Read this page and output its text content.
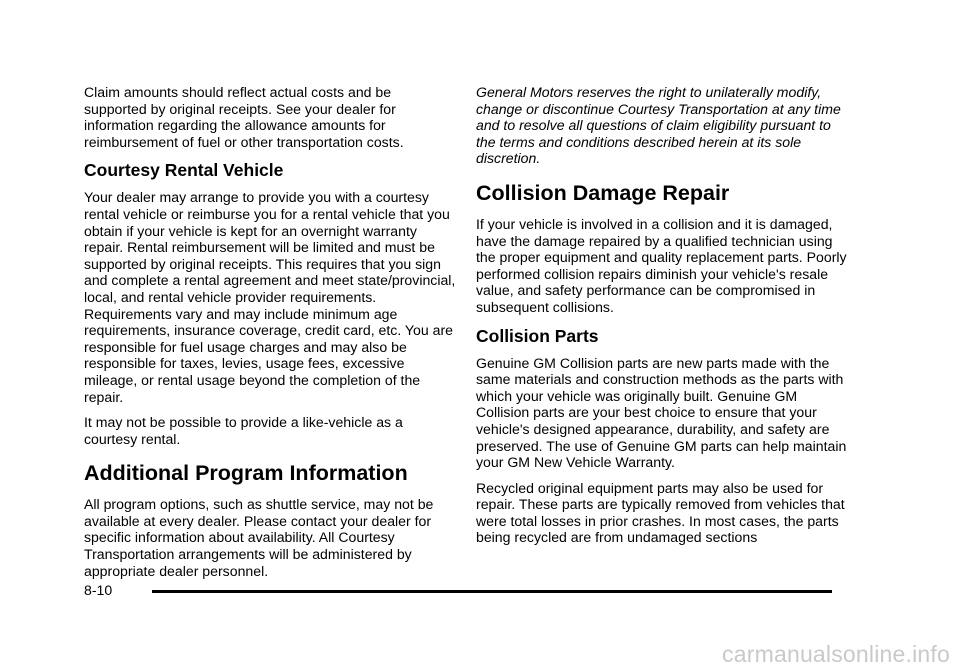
Claim amounts should reflect actual costs and be supported by original receipts. See your dealer for information regarding the allowance amounts for reimbursement of fuel or other transportation costs.

Courtesy Rental Vehicle

Your dealer may arrange to provide you with a courtesy rental vehicle or reimburse you for a rental vehicle that you obtain if your vehicle is kept for an overnight warranty repair. Rental reimbursement will be limited and must be supported by original receipts. This requires that you sign and complete a rental agreement and meet state/provincial, local, and rental vehicle provider requirements. Requirements vary and may include minimum age requirements, insurance coverage, credit card, etc. You are responsible for fuel usage charges and may also be responsible for taxes, levies, usage fees, excessive mileage, or rental usage beyond the completion of the repair.

It may not be possible to provide a like-vehicle as a courtesy rental.

Additional Program Information

All program options, such as shuttle service, may not be available at every dealer. Please contact your dealer for specific information about availability. All Courtesy Transportation arrangements will be administered by appropriate dealer personnel.

General Motors reserves the right to unilaterally modify, change or discontinue Courtesy Transportation at any time and to resolve all questions of claim eligibility pursuant to the terms and conditions described herein at its sole discretion.

Collision Damage Repair

If your vehicle is involved in a collision and it is damaged, have the damage repaired by a qualified technician using the proper equipment and quality replacement parts. Poorly performed collision repairs diminish your vehicle's resale value, and safety performance can be compromised in subsequent collisions.

Collision Parts

Genuine GM Collision parts are new parts made with the same materials and construction methods as the parts with which your vehicle was originally built. Genuine GM Collision parts are your best choice to ensure that your vehicle's designed appearance, durability, and safety are preserved. The use of Genuine GM parts can help maintain your GM New Vehicle Warranty.

Recycled original equipment parts may also be used for repair. These parts are typically removed from vehicles that were total losses in prior crashes. In most cases, the parts being recycled are from undamaged sections

8-10
carmanualsonline.info
